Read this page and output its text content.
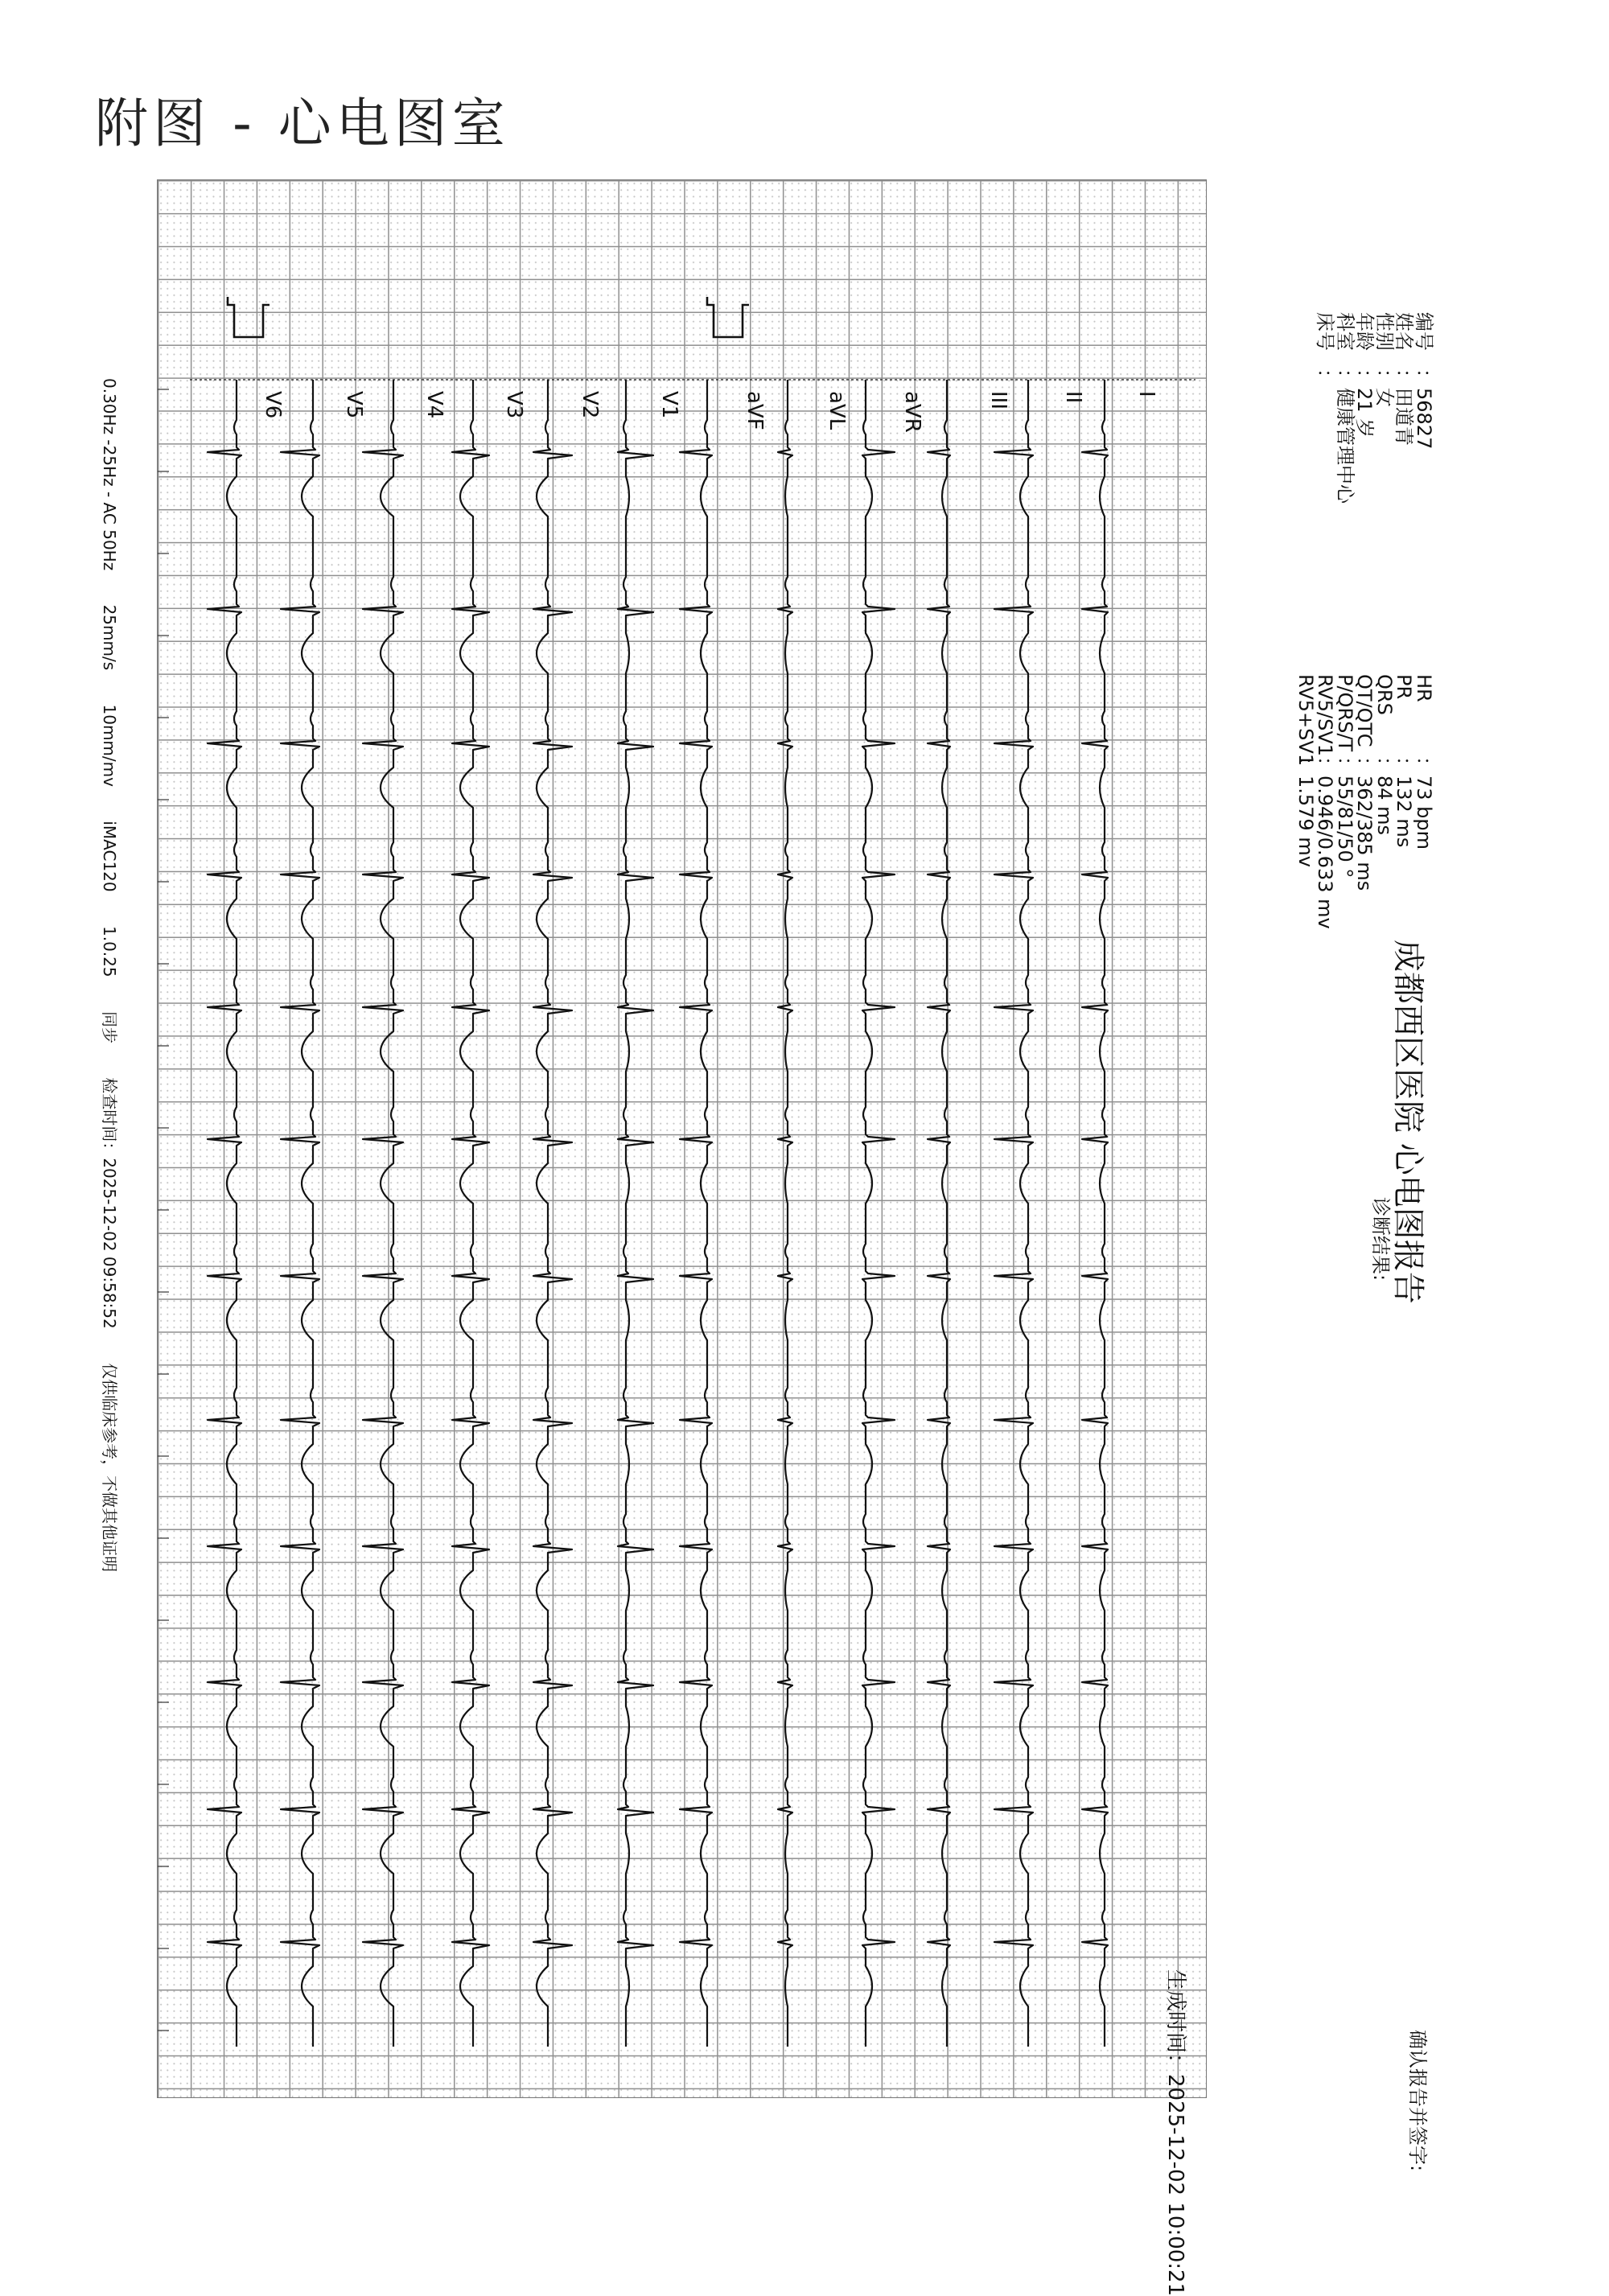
附图 - 心电图室
I
II
III
aVR
aVL
aVF
V1
V2
V3
V4
V5
V6
编号
：56827
姓名
：田道青
性别
：女
年龄
：21 岁
科室
：健康管理中心
床号
：
HR
：73 bpm
PR
：132 ms
QRS
：84 ms
QT/QTC
：362/385 ms
P/QRS/T
：55/81/50 °
RV5/SV1
：0.946/0.633 mv
RV5+SV1
：1.579 mv
成都西区医院 心电图报告
诊断结果:
确认报告并签字:
生成时间：2025-12-02 10:00:21
0.30Hz -25Hz - AC 50Hz 25mm/s 10mm/mv iMAC120 1.0.25 同步 检查时间：2025-12-02 09:58:52 仅供临床参考，不做其他证明
